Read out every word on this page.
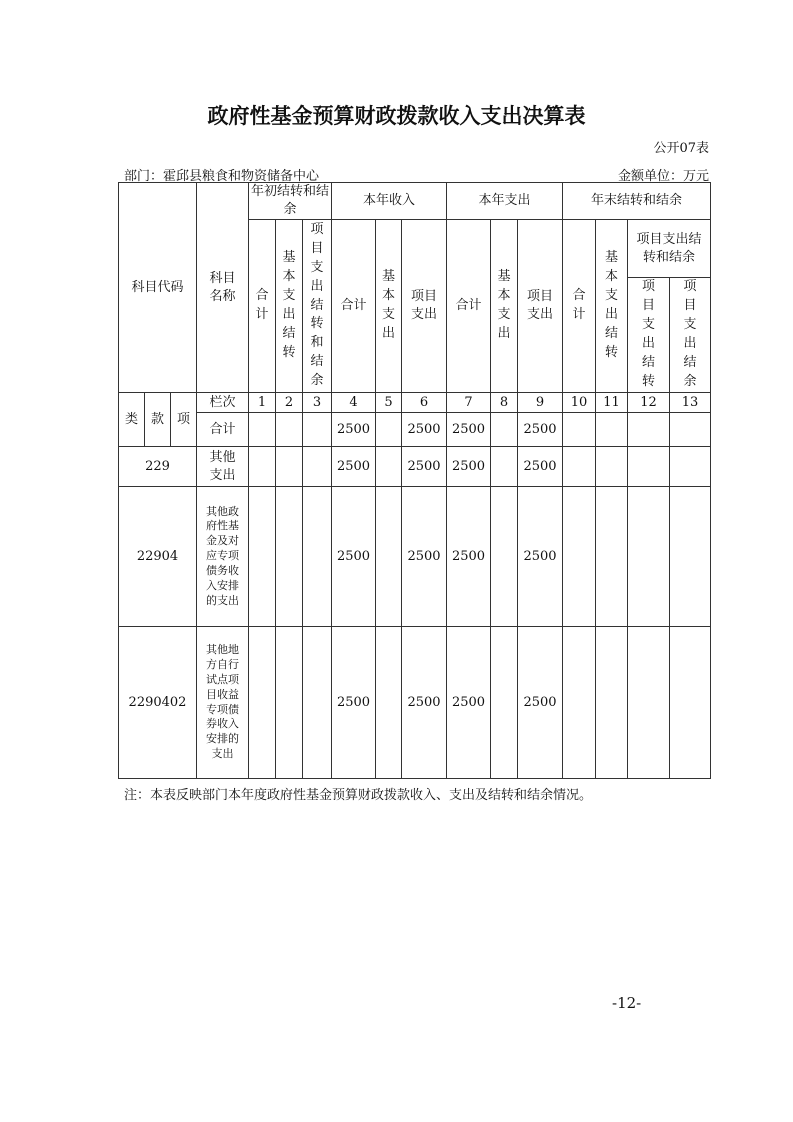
政府性基金预算财政拨款收入支出决算表
公开07表
部门：霍邱县粮食和物资储备中心	金额单位：万元
科目代码			科目名称	年初结转和结余			本年收入			本年支出			年末结转和结余			
				合计	基本支出结转	项目支出结转和结余	合计	基本支出	项目支出	合计	基本支出	项目支出	合计	基本支出结转	项目支出结转和结余	
															项目支出结转	项目支出结余
类	款	项	栏次	1	2	3	4	5	6	7	8	9	10	11	12	13
			合计				2500		2500	2500		2500				
229			其他支出				2500		2500	2500		2500				
22904			其他政府性基金及对应专项债务收入安排的支出				2500		2500	2500		2500				
2290402			其他地方自行试点项目收益专项债券收入安排的支出				2500		2500	2500		2500				
注：本表反映部门本年度政府性基金预算财政拨款收入、支出及结转和结余情况。
-12-
